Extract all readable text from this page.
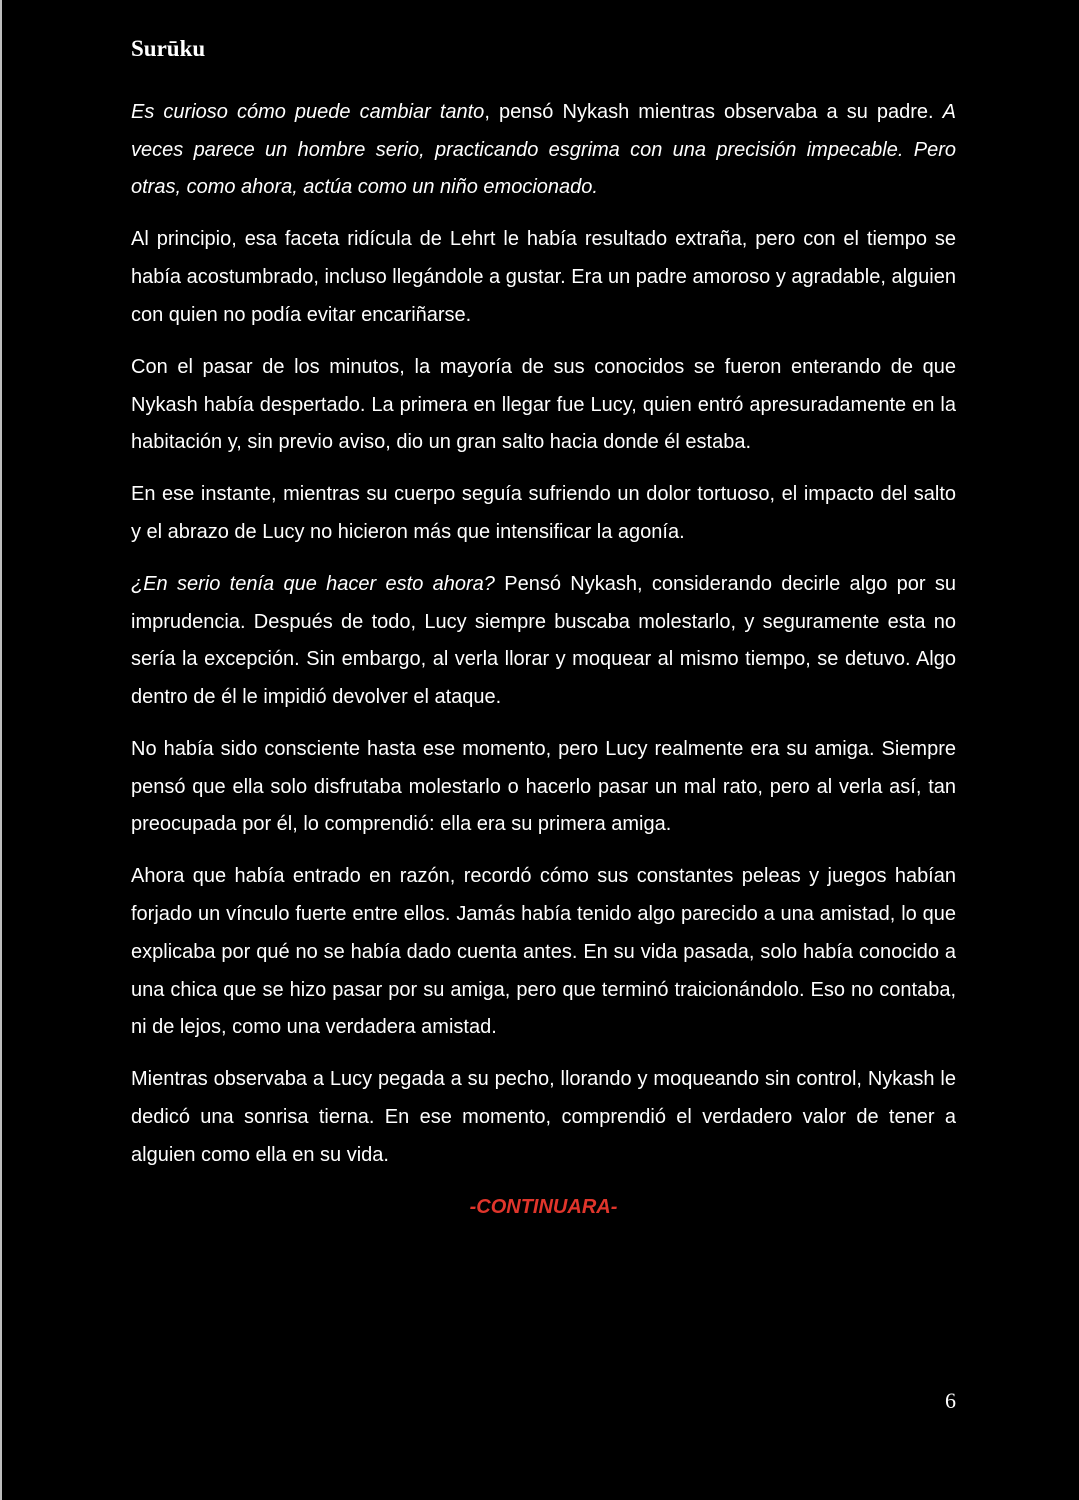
Surūku

Es curioso cómo puede cambiar tanto, pensó Nykash mientras observaba a su padre. A veces parece un hombre serio, practicando esgrima con una precisión impecable. Pero otras, como ahora, actúa como un niño emocionado.

Al principio, esa faceta ridícula de Lehrt le había resultado extraña, pero con el tiempo se había acostumbrado, incluso llegándole a gustar. Era un padre amoroso y agradable, alguien con quien no podía evitar encariñarse.

Con el pasar de los minutos, la mayoría de sus conocidos se fueron enterando de que Nykash había despertado. La primera en llegar fue Lucy, quien entró apresuradamente en la habitación y, sin previo aviso, dio un gran salto hacia donde él estaba.

En ese instante, mientras su cuerpo seguía sufriendo un dolor tortuoso, el impacto del salto y el abrazo de Lucy no hicieron más que intensificar la agonía.

¿En serio tenía que hacer esto ahora? Pensó Nykash, considerando decirle algo por su imprudencia. Después de todo, Lucy siempre buscaba molestarlo, y seguramente esta no sería la excepción. Sin embargo, al verla llorar y moquear al mismo tiempo, se detuvo. Algo dentro de él le impidió devolver el ataque.

No había sido consciente hasta ese momento, pero Lucy realmente era su amiga. Siempre pensó que ella solo disfrutaba molestarlo o hacerlo pasar un mal rato, pero al verla así, tan preocupada por él, lo comprendió: ella era su primera amiga.

Ahora que había entrado en razón, recordó cómo sus constantes peleas y juegos habían forjado un vínculo fuerte entre ellos. Jamás había tenido algo parecido a una amistad, lo que explicaba por qué no se había dado cuenta antes. En su vida pasada, solo había conocido a una chica que se hizo pasar por su amiga, pero que terminó traicionándolo. Eso no contaba, ni de lejos, como una verdadera amistad.

Mientras observaba a Lucy pegada a su pecho, llorando y moqueando sin control, Nykash le dedicó una sonrisa tierna. En ese momento, comprendió el verdadero valor de tener a alguien como ella en su vida.

-CONTINUARA-

6
